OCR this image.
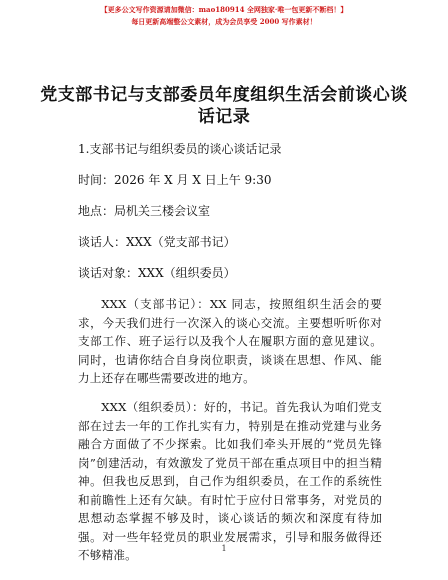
【更多公文写作资源请加微信：mao180914 全网独家·唯一包更新不断档！】
每日更新高端整公文素材，成为会员享受 2000 写作素材！
党支部书记与支部委员年度组织生活会前谈心谈话记录
1.支部书记与组织委员的谈心谈话记录
时间：2026 年 X 月 X 日上午 9:30
地点：局机关三楼会议室
谈话人：XXX（党支部书记）
谈话对象：XXX（组织委员）
XXX（支部书记）：XX 同志，按照组织生活会的要求，今天我们进行一次深入的谈心交流。主要想听听你对支部工作、班子运行以及我个人在履职方面的意见建议。同时，也请你结合自身岗位职责，谈谈在思想、作风、能力上还存在哪些需要改进的地方。
XXX（组织委员）：好的，书记。首先我认为咱们党支部在过去一年的工作扎实有力，特别是在推动党建与业务融合方面做了不少探索。比如我们牵头开展的“党员先锋岗”创建活动，有效激发了党员干部在重点项目中的担当精神。但我也反思到，自己作为组织委员，在工作的系统性和前瞻性上还有欠缺。有时忙于应付日常事务，对党员的思想动态掌握不够及时，谈心谈话的频次和深度有待加强。对一些年轻党员的职业发展需求，引导和服务做得还不够精准。	1
